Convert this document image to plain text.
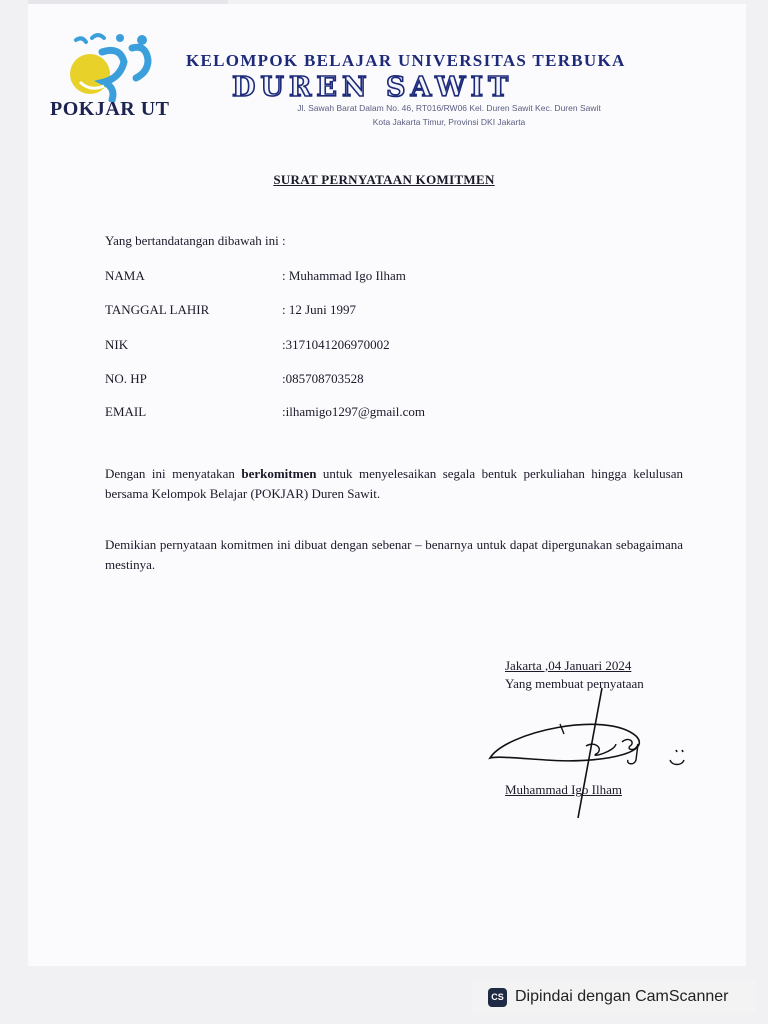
POKJAR UT
KELOMPOK BELAJAR UNIVERSITAS TERBUKA
DUREN SAWIT
Jl. Sawah Barat Dalam No. 46, RT016/RW06 Kel. Duren Sawit Kec. Duren Sawit
Kota Jakarta Timur, Provinsi DKI Jakarta
SURAT PERNYATAAN KOMITMEN
Yang bertandatangan dibawah ini :
NAMA	: Muhammad Igo Ilham
TANGGAL LAHIR	: 12 Juni 1997
NIK	:3171041206970002
NO. HP	:085708703528
EMAIL	:ilhamigo1297@gmail.com
Dengan ini menyatakan berkomitmen untuk menyelesaikan segala bentuk perkuliahan hingga kelulusan bersama Kelompok Belajar (POKJAR) Duren Sawit.
Demikian pernyataan komitmen ini dibuat dengan sebenar – benarnya untuk dapat dipergunakan sebagaimana mestinya.
Jakarta ,04 Januari 2024
Yang membuat pernyataan
Muhammad Igo Ilham
CS Dipindai dengan CamScanner
